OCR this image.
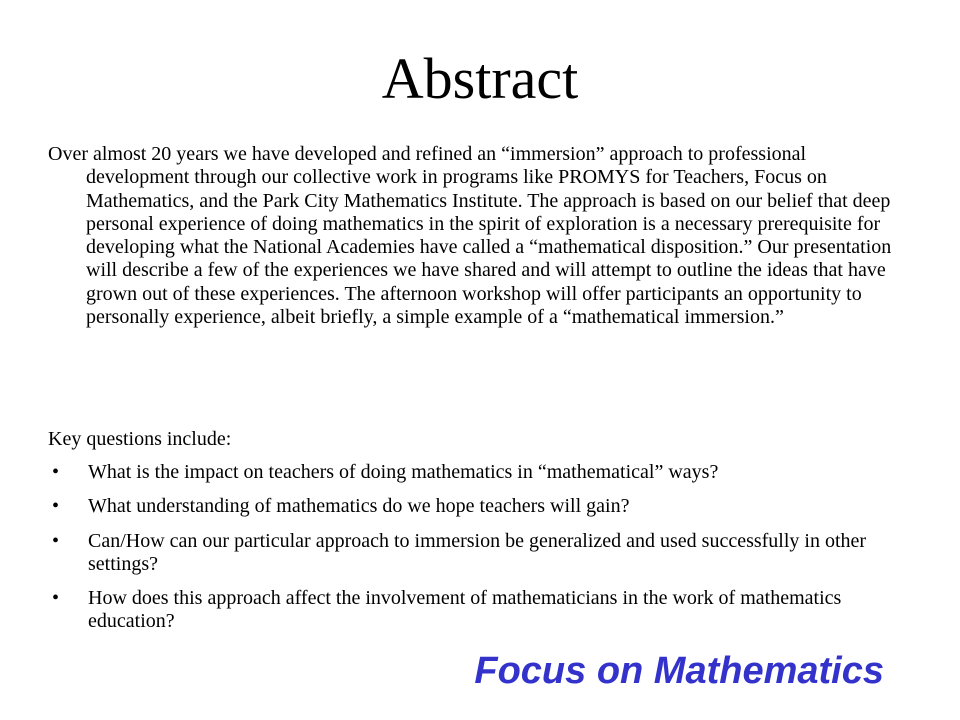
Abstract

Over almost 20 years we have developed and refined an “immersion” approach to professional development through our collective work in programs like PROMYS for Teachers, Focus on Mathematics, and the Park City Mathematics Institute. The approach is based on our belief that deep personal experience of doing mathematics in the spirit of exploration is a necessary prerequisite for developing what the National Academies have called a “mathematical disposition.” Our presentation will describe a few of the experiences we have shared and will attempt to outline the ideas that have grown out of these experiences. The afternoon workshop will offer participants an opportunity to personally experience, albeit briefly, a simple example of a “mathematical immersion.”

Key questions include:

• What is the impact on teachers of doing mathematics in “mathematical” ways?
• What understanding of mathematics do we hope teachers will gain?
• Can/How can our particular approach to immersion be generalized and used successfully in other settings?
• How does this approach affect the involvement of mathematicians in the work of mathematics education?
Focus on Mathematics
